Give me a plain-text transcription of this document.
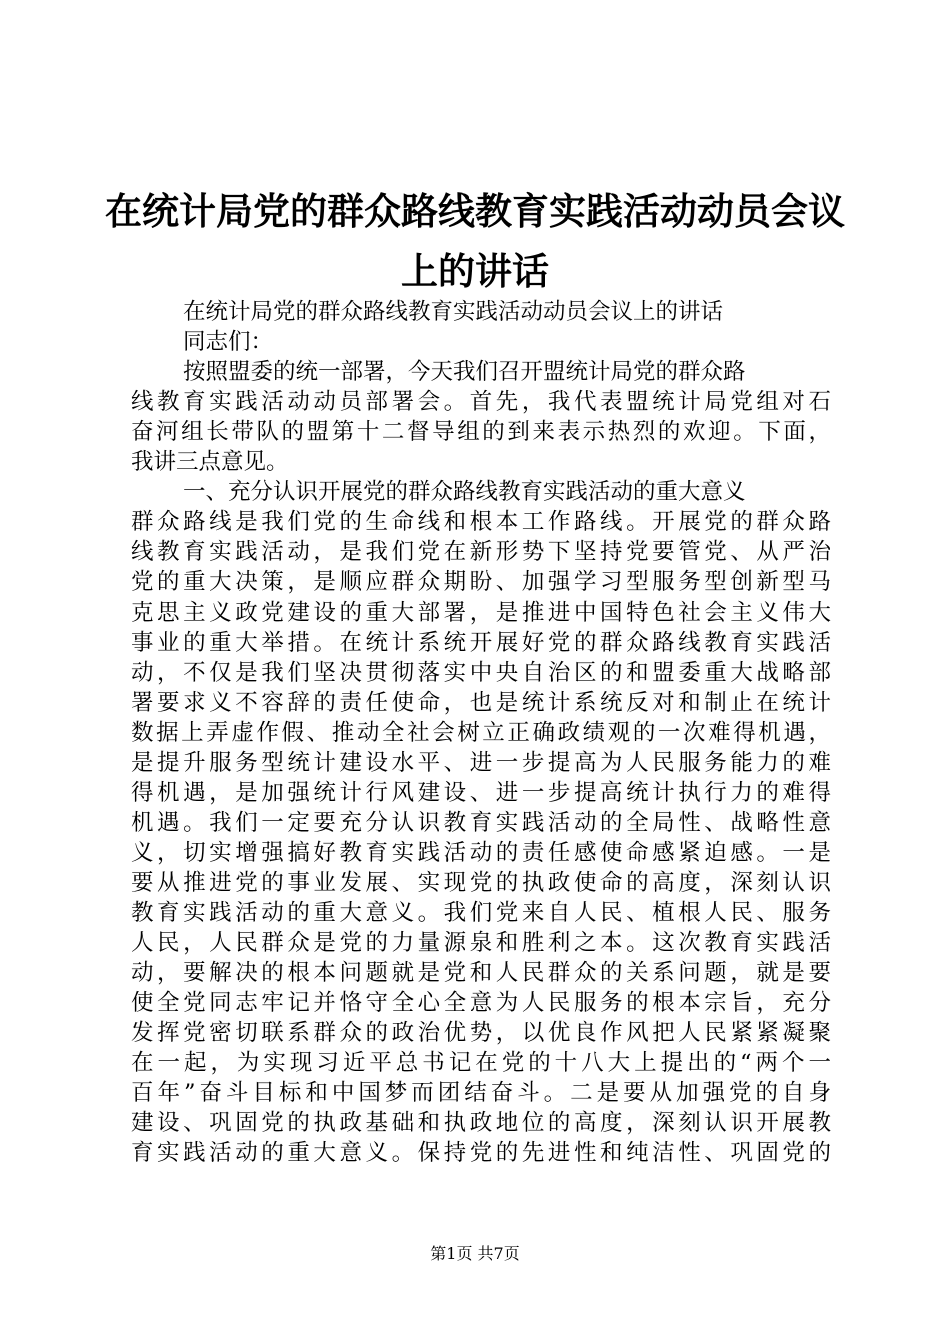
在统计局党的群众路线教育实践活动动员会议
上的讲话
在统计局党的群众路线教育实践活动动员会议上的讲话
同志们：
按照盟委的统一部署，今天我们召开盟统计局党的群众路
线教育实践活动动员部署会。首先，我代表盟统计局党组对石
奋河组长带队的盟第十二督导组的到来表示热烈的欢迎。下面，
我讲三点意见。
一、充分认识开展党的群众路线教育实践活动的重大意义
群众路线是我们党的生命线和根本工作路线。开展党的群众路
线教育实践活动，是我们党在新形势下坚持党要管党、从严治
党的重大决策，是顺应群众期盼、加强学习型服务型创新型马
克思主义政党建设的重大部署，是推进中国特色社会主义伟大
事业的重大举措。在统计系统开展好党的群众路线教育实践活
动，不仅是我们坚决贯彻落实中央自治区的和盟委重大战略部
署要求义不容辞的责任使命，也是统计系统反对和制止在统计
数据上弄虚作假、推动全社会树立正确政绩观的一次难得机遇，
是提升服务型统计建设水平、进一步提高为人民服务能力的难
得机遇，是加强统计行风建设、进一步提高统计执行力的难得
机遇。我们一定要充分认识教育实践活动的全局性、战略性意
义，切实增强搞好教育实践活动的责任感使命感紧迫感。一是
要从推进党的事业发展、实现党的执政使命的高度，深刻认识
教育实践活动的重大意义。我们党来自人民、植根人民、服务
人民，人民群众是党的力量源泉和胜利之本。这次教育实践活
动，要解决的根本问题就是党和人民群众的关系问题，就是要
使全党同志牢记并恪守全心全意为人民服务的根本宗旨，充分
发挥党密切联系群众的政治优势，以优良作风把人民紧紧凝聚
在一起，为实现习近平总书记在党的十八大上提出的“两个一
百年”奋斗目标和中国梦而团结奋斗。二是要从加强党的自身
建设、巩固党的执政基础和执政地位的高度，深刻认识开展教
育实践活动的重大意义。保持党的先进性和纯洁性、巩固党的
第1页 共7页
